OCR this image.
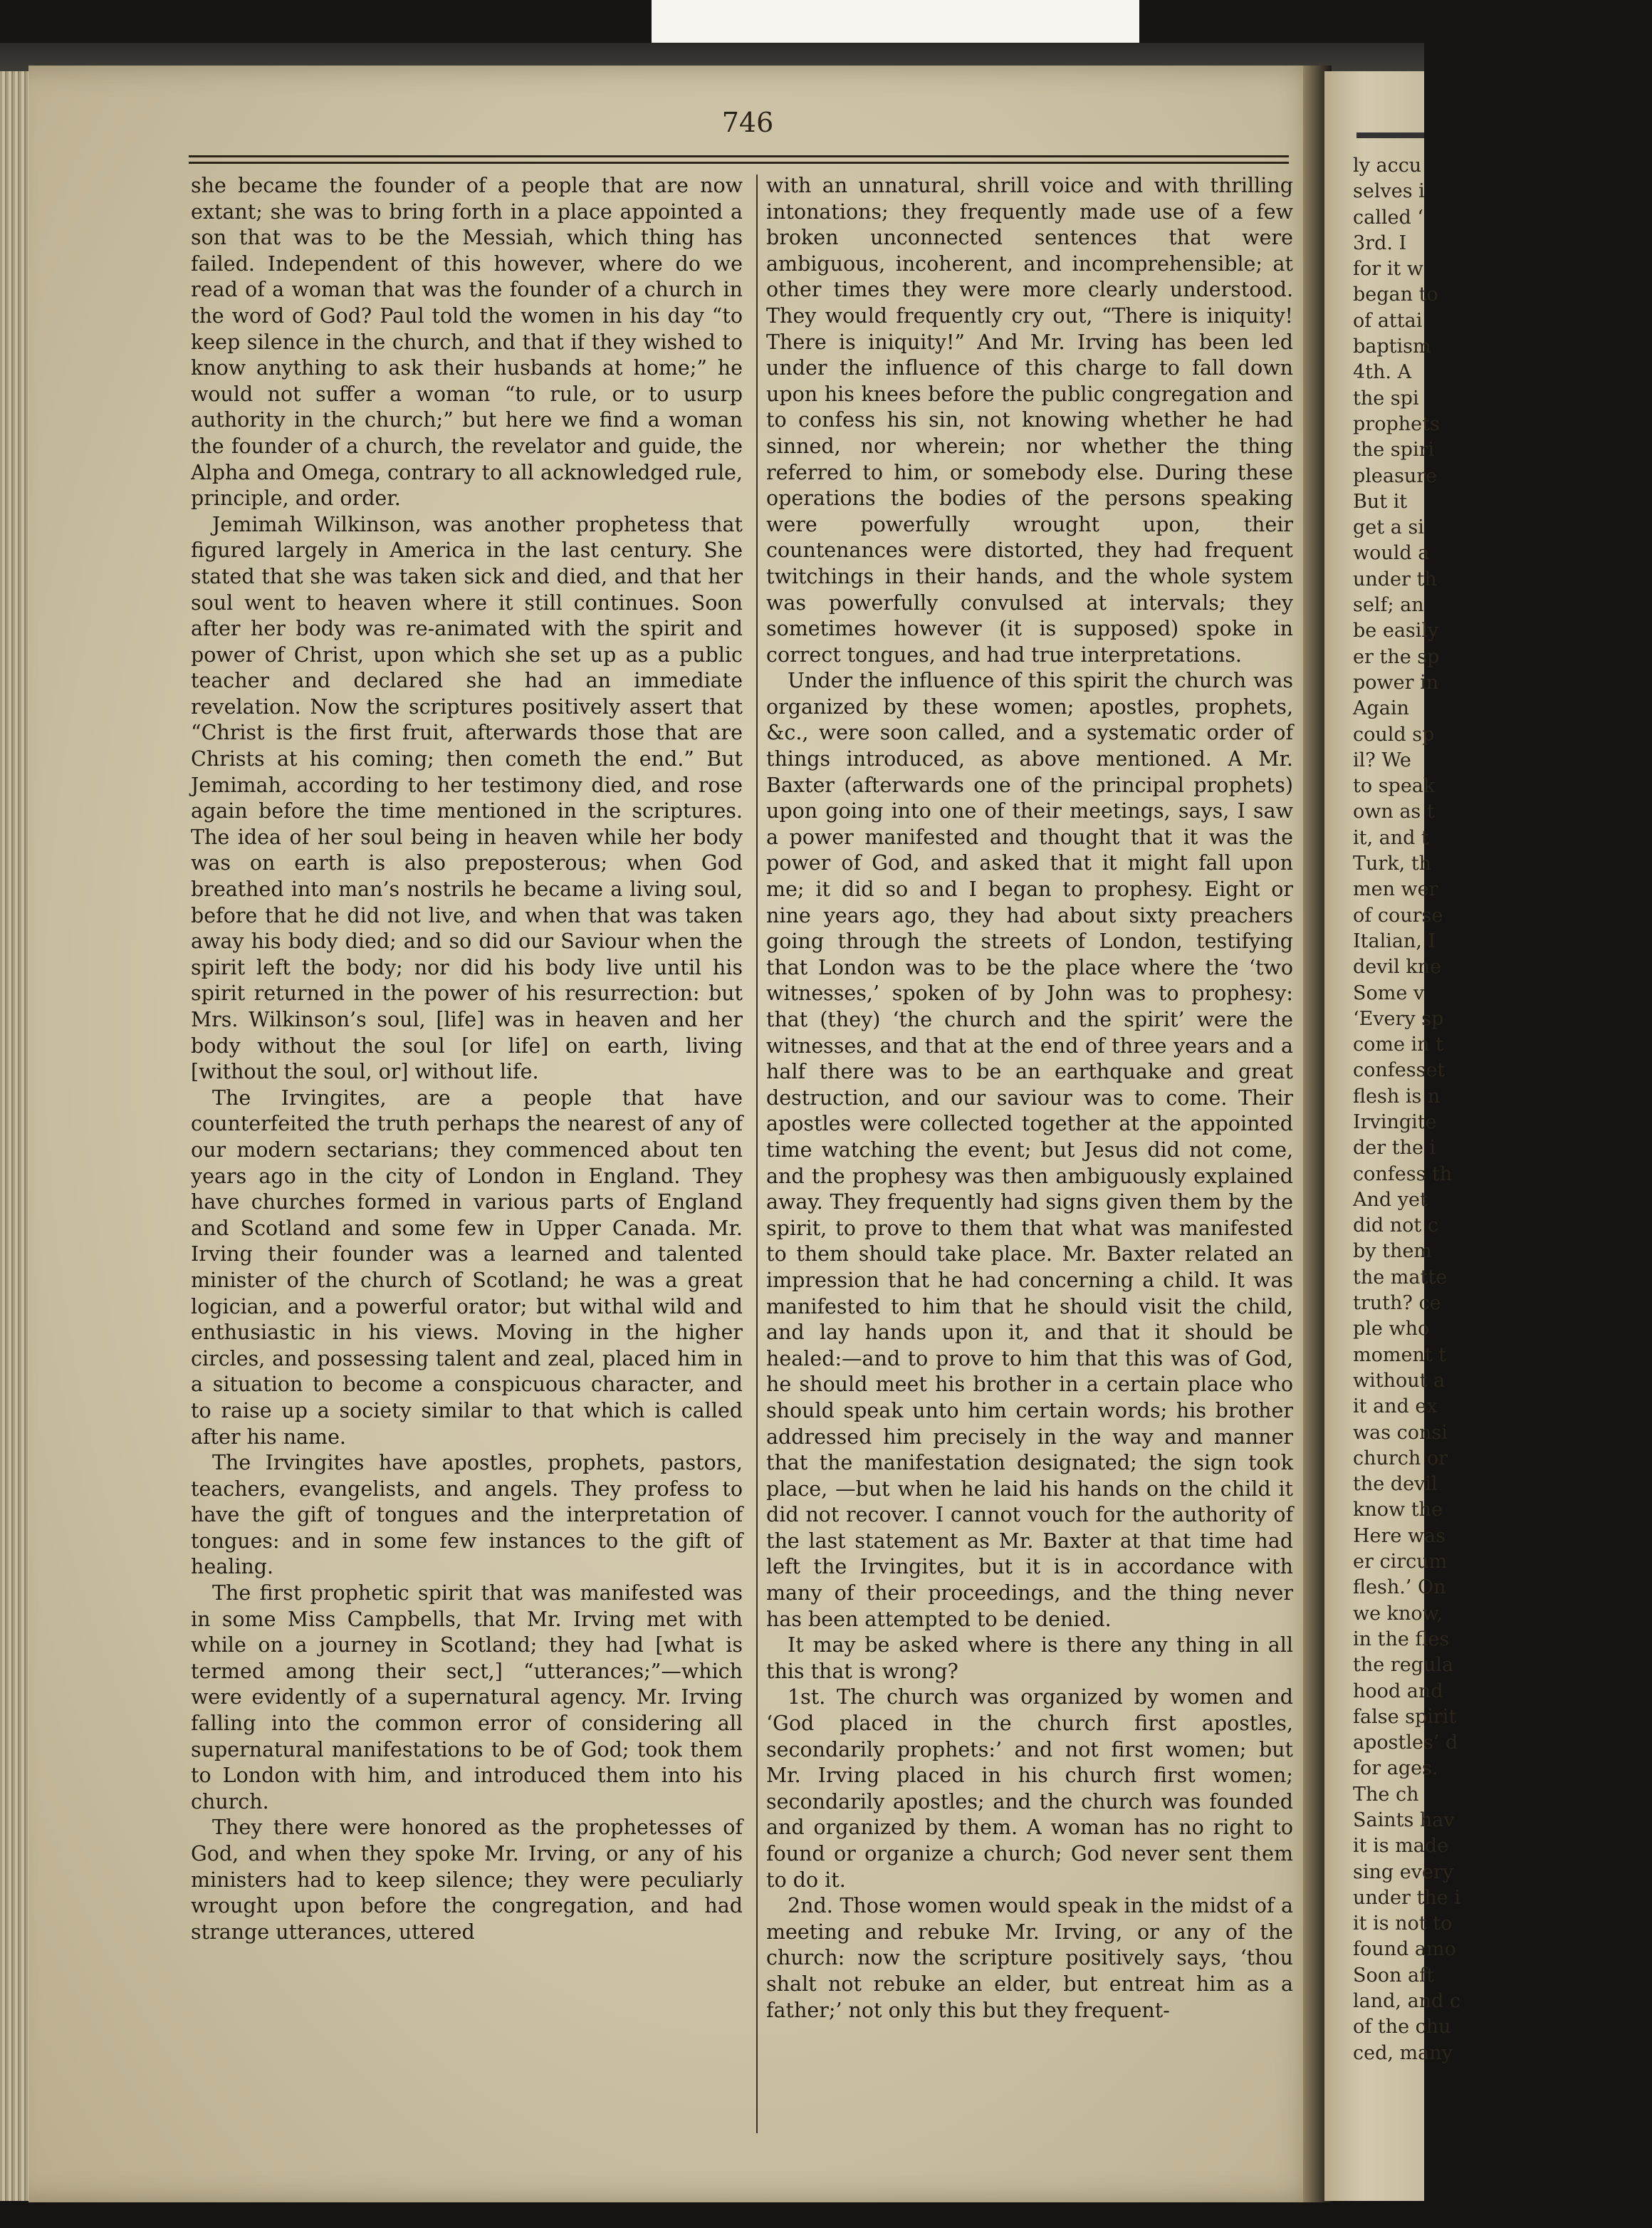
ly accu
selves i
called ‘
3rd. I
for it w
began to
of attai
baptism
4th. A
the spi
prophets
the spiri
pleasure
But it
get a si
would a
under th
self; an
be easily
er the sp
power in
Again
could sp
il? We
to speak
own as t
it, and t
Turk, th
men wer
of course
Italian, I
devil kne
Some v
‘Every sp
come in t
confesset
flesh is n
Irvingite
der the i
confess th
And yet
did not c
by them
the matte
truth? ce
ple who
moment t
without a
it and ex
was consi
church or
the devil
know the
Here was
er circum
flesh.’ On
we know,
in the fles
the regula
hood and
false spirit
apostles’ d
for ages.
The ch
Saints hav
it is made
sing every
under the i
it is not to
found amo
Soon aft
land, and c
of the chu
ced, many
746

she became the founder of a people that are now extant; she was to bring forth in a place appointed a son that was to be the Messiah, which thing has failed. Independent of this however, where do we read of a woman that was the founder of a church in the word of God? Paul told the women in his day “to keep silence in the church, and that if they wished to know anything to ask their husbands at home;” he would not suffer a woman “to rule, or to usurp authority in the church;” but here we find a woman the founder of a church, the revelator and guide, the Alpha and Omega, contrary to all acknowledged rule, principle, and order.

Jemimah Wilkinson, was another prophetess that figured largely in America in the last century. She stated that she was taken sick and died, and that her soul went to heaven where it still continues. Soon after her body was re-animated with the spirit and power of Christ, upon which she set up as a public teacher and declared she had an immediate revelation. Now the scriptures positively assert that “Christ is the first fruit, afterwards those that are Christs at his coming; then cometh the end.” But Jemimah, according to her testimony died, and rose again before the time mentioned in the scriptures. The idea of her soul being in heaven while her body was on earth is also preposterous; when God breathed into man’s nostrils he became a living soul, before that he did not live, and when that was taken away his body died; and so did our Saviour when the spirit left the body; nor did his body live until his spirit returned in the power of his resurrection: but Mrs. Wilkinson’s soul, [life] was in heaven and her body without the soul [or life] on earth, living [without the soul, or] without life.

The Irvingites, are a people that have counterfeited the truth perhaps the nearest of any of our modern sectarians; they commenced about ten years ago in the city of London in England. They have churches formed in various parts of England and Scotland and some few in Upper Canada. Mr. Irving their founder was a learned and talented minister of the church of Scotland; he was a great logician, and a powerful orator; but withal wild and enthusiastic in his views. Moving in the higher circles, and possessing talent and zeal, placed him in a situation to become a conspicuous character, and to raise up a society similar to that which is called after his name.

The Irvingites have apostles, prophets, pastors, teachers, evangelists, and angels. They profess to have the gift of tongues and the interpretation of tongues: and in some few instances to the gift of healing.

The first prophetic spirit that was manifested was in some Miss Campbells, that Mr. Irving met with while on a journey in Scotland; they had [what is termed among their sect,] “utterances;”—which were evidently of a supernatural agency. Mr. Irving falling into the common error of considering all supernatural manifestations to be of God; took them to London with him, and introduced them into his church.

They there were honored as the prophetesses of God, and when they spoke Mr. Irving, or any of his ministers had to keep silence; they were peculiarly wrought upon before the congregation, and had strange utterances, uttered

with an unnatural, shrill voice and with thrilling intonations; they frequently made use of a few broken unconnected sentences that were ambiguous, incoherent, and incomprehensible; at other times they were more clearly understood. They would frequently cry out, “There is iniquity! There is iniquity!” And Mr. Irving has been led under the influence of this charge to fall down upon his knees before the public congregation and to confess his sin, not knowing whether he had sinned, nor wherein; nor whether the thing referred to him, or somebody else. During these operations the bodies of the persons speaking were powerfully wrought upon, their countenances were distorted, they had frequent twitchings in their hands, and the whole system was powerfully convulsed at intervals; they sometimes however (it is supposed) spoke in correct tongues, and had true interpretations.

Under the influence of this spirit the church was organized by these women; apostles, prophets, &c., were soon called, and a systematic order of things introduced, as above mentioned. A Mr. Baxter (afterwards one of the principal prophets) upon going into one of their meetings, says, I saw a power manifested and thought that it was the power of God, and asked that it might fall upon me; it did so and I began to prophesy. Eight or nine years ago, they had about sixty preachers going through the streets of London, testifying that London was to be the place where the ‘two witnesses,’ spoken of by John was to prophesy: that (they) ‘the church and the spirit’ were the witnesses, and that at the end of three years and a half there was to be an earthquake and great destruction, and our saviour was to come. Their apostles were collected together at the appointed time watching the event; but Jesus did not come, and the prophesy was then ambiguously explained away. They frequently had signs given them by the spirit, to prove to them that what was manifested to them should take place. Mr. Baxter related an impression that he had concerning a child. It was manifested to him that he should visit the child, and lay hands upon it, and that it should be healed:—and to prove to him that this was of God, he should meet his brother in a certain place who should speak unto him certain words; his brother addressed him precisely in the way and manner that the manifestation designated; the sign took place, —but when he laid his hands on the child it did not recover. I cannot vouch for the authority of the last statement as Mr. Baxter at that time had left the Irvingites, but it is in accordance with many of their proceedings, and the thing never has been attempted to be denied.

It may be asked where is there any thing in all this that is wrong?

1st. The church was organized by women and ‘God placed in the church first apostles, secondarily prophets:’ and not first women; but Mr. Irving placed in his church first women; secondarily apostles; and the church was founded and organized by them. A woman has no right to found or organize a church; God never sent them to do it.

2nd. Those women would speak in the midst of a meeting and rebuke Mr. Irving, or any of the church: now the scripture positively says, ‘thou shalt not rebuke an elder, but entreat him as a father;’ not only this but they frequent-
